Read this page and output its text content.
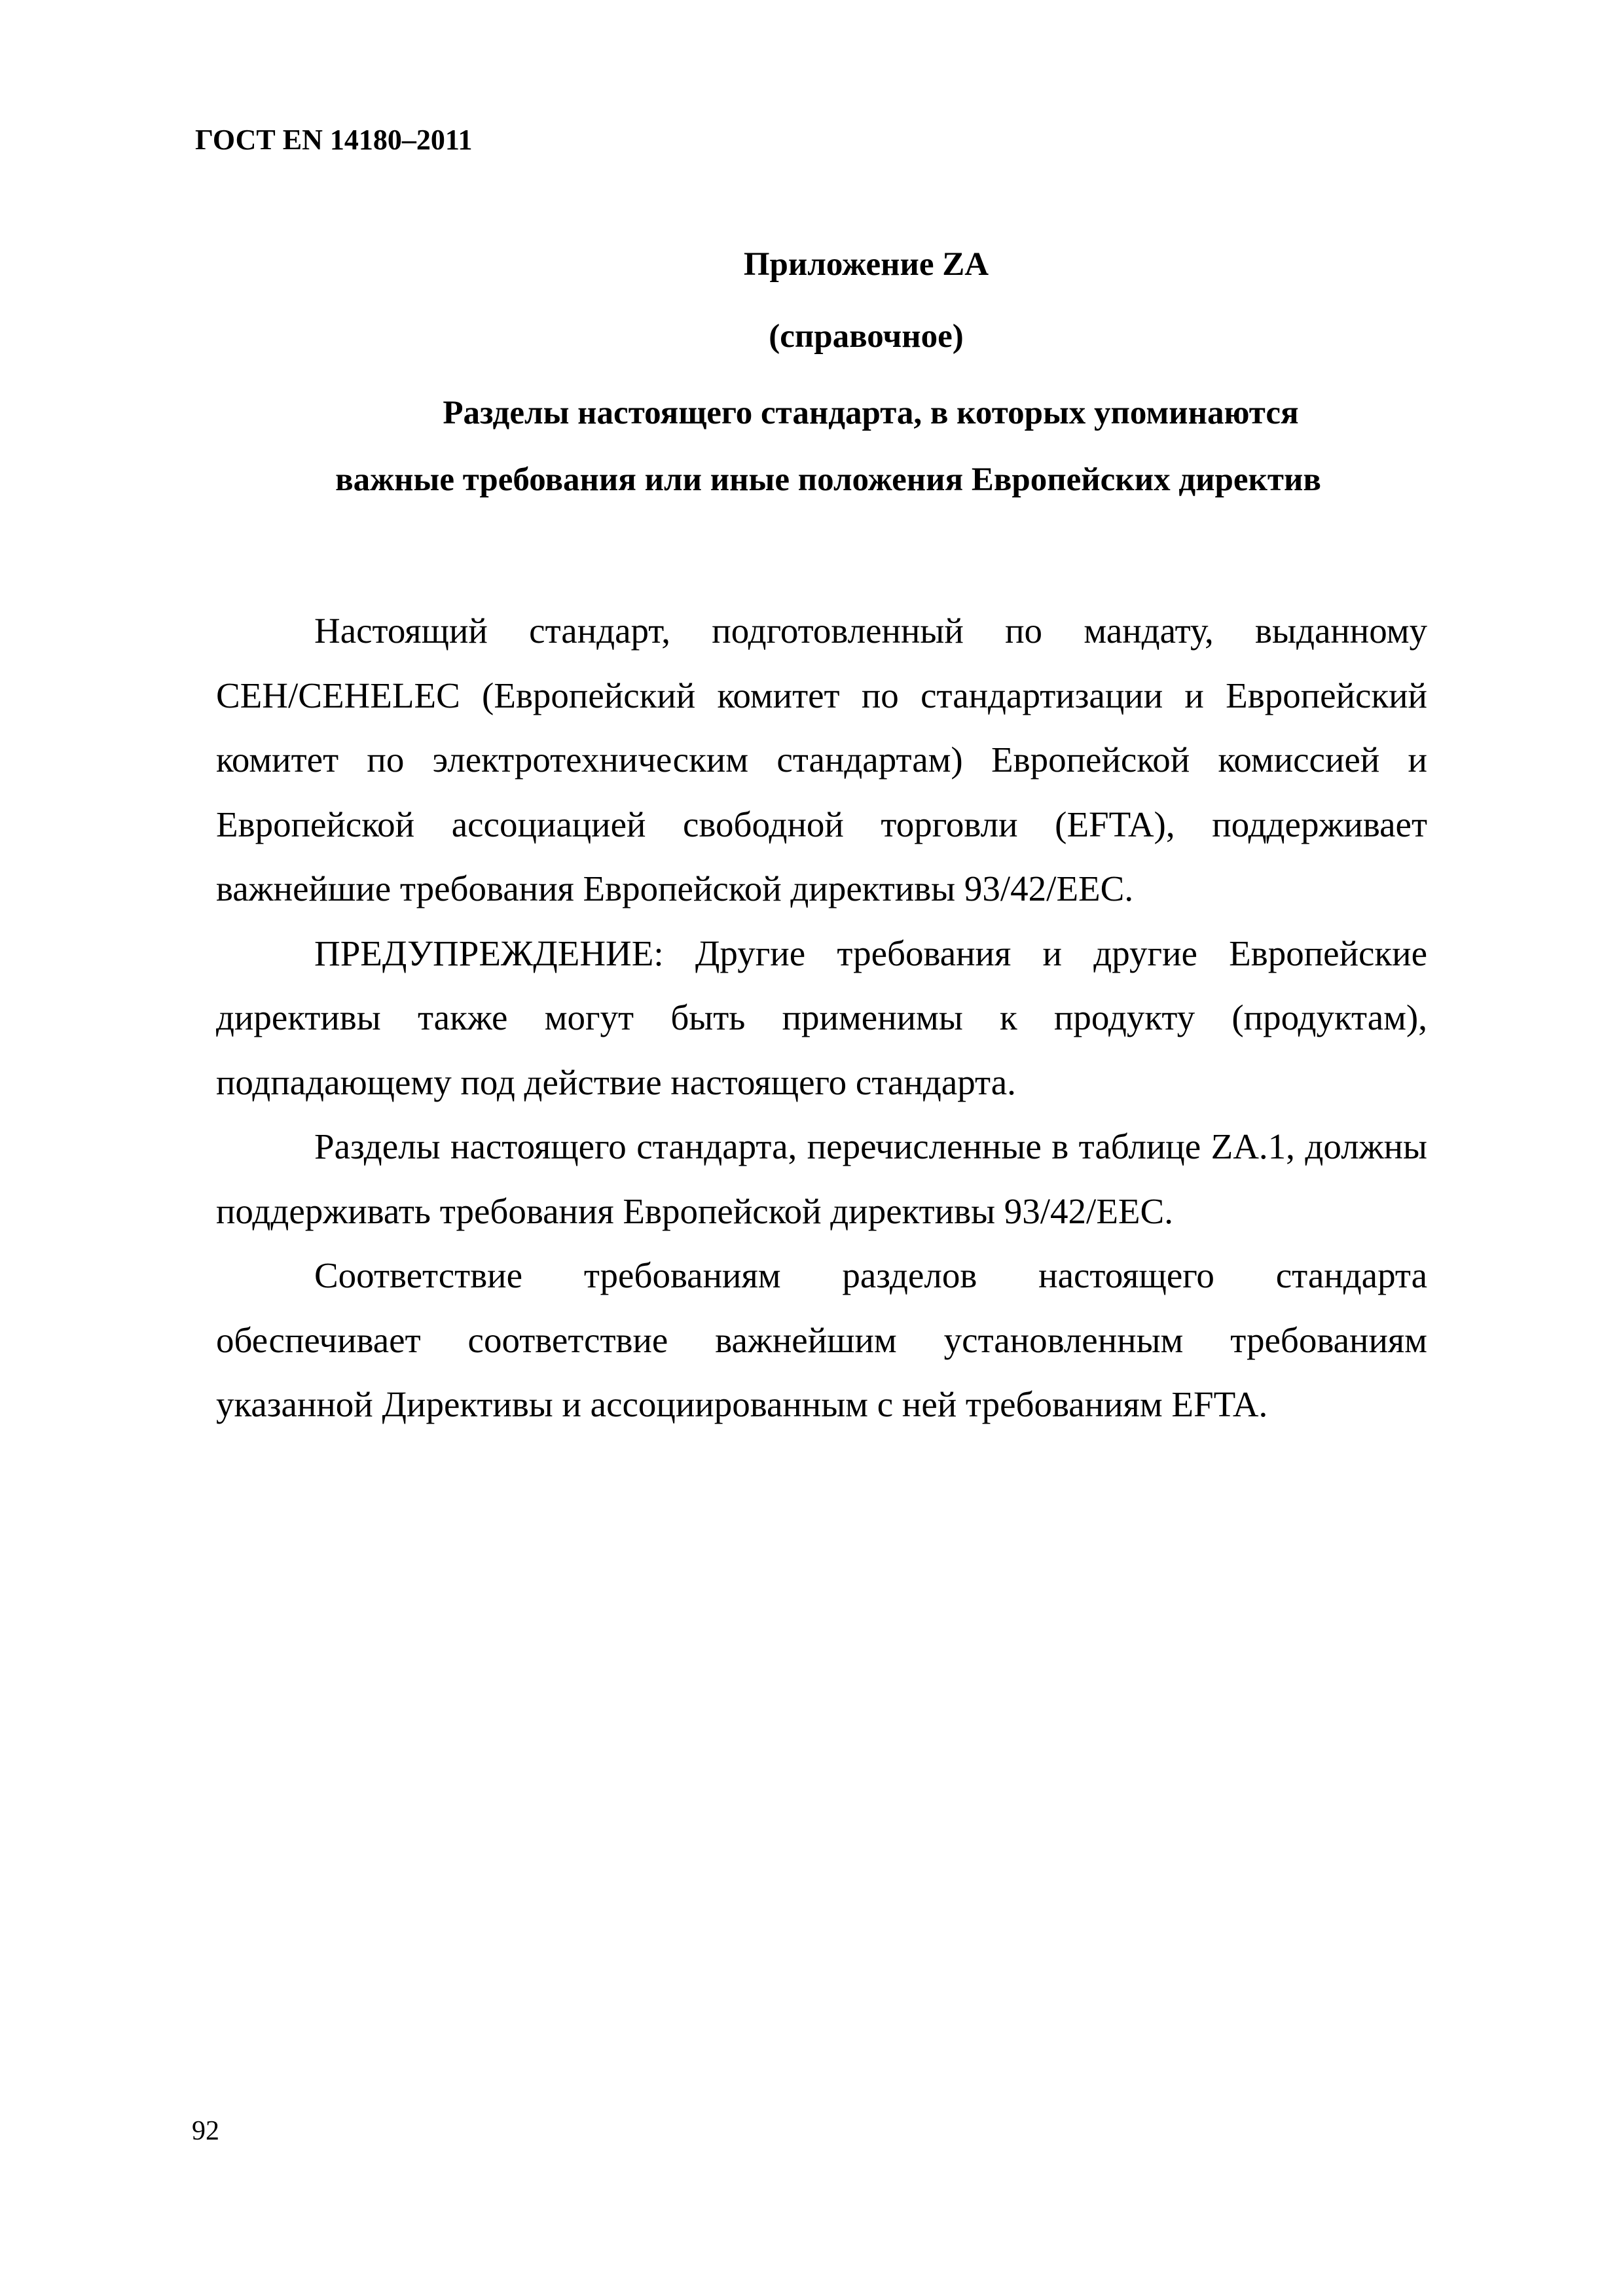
ГОСТ EN 14180–2011
Приложение ZA
(справочное)
Разделы настоящего стандарта, в которых упоминаются
важные требования или иные положения Европейских директив

Настоящий стандарт, подготовленный по мандату, выданному CEH/CEHELEC (Европейский комитет по стандартизации и Европейский комитет по электротехническим стандартам) Европейской комиссией и Европейской ассоциацией свободной торговли (EFTA), поддерживает важнейшие требования Европейской директивы 93/42/EEC.

ПРЕДУПРЕЖДЕНИЕ: Другие требования и другие Европейские директивы также могут быть применимы к продукту (продуктам), подпадающему под действие настоящего стандарта.

Разделы настоящего стандарта, перечисленные в таблице ZA.1, должны поддерживать требования Европейской директивы 93/42/EEC.

Соответствие требованиям разделов настоящего стандарта обеспечивает соответствие важнейшим установленным требованиям указанной Директивы и ассоциированным с ней требованиям EFTA.

92
